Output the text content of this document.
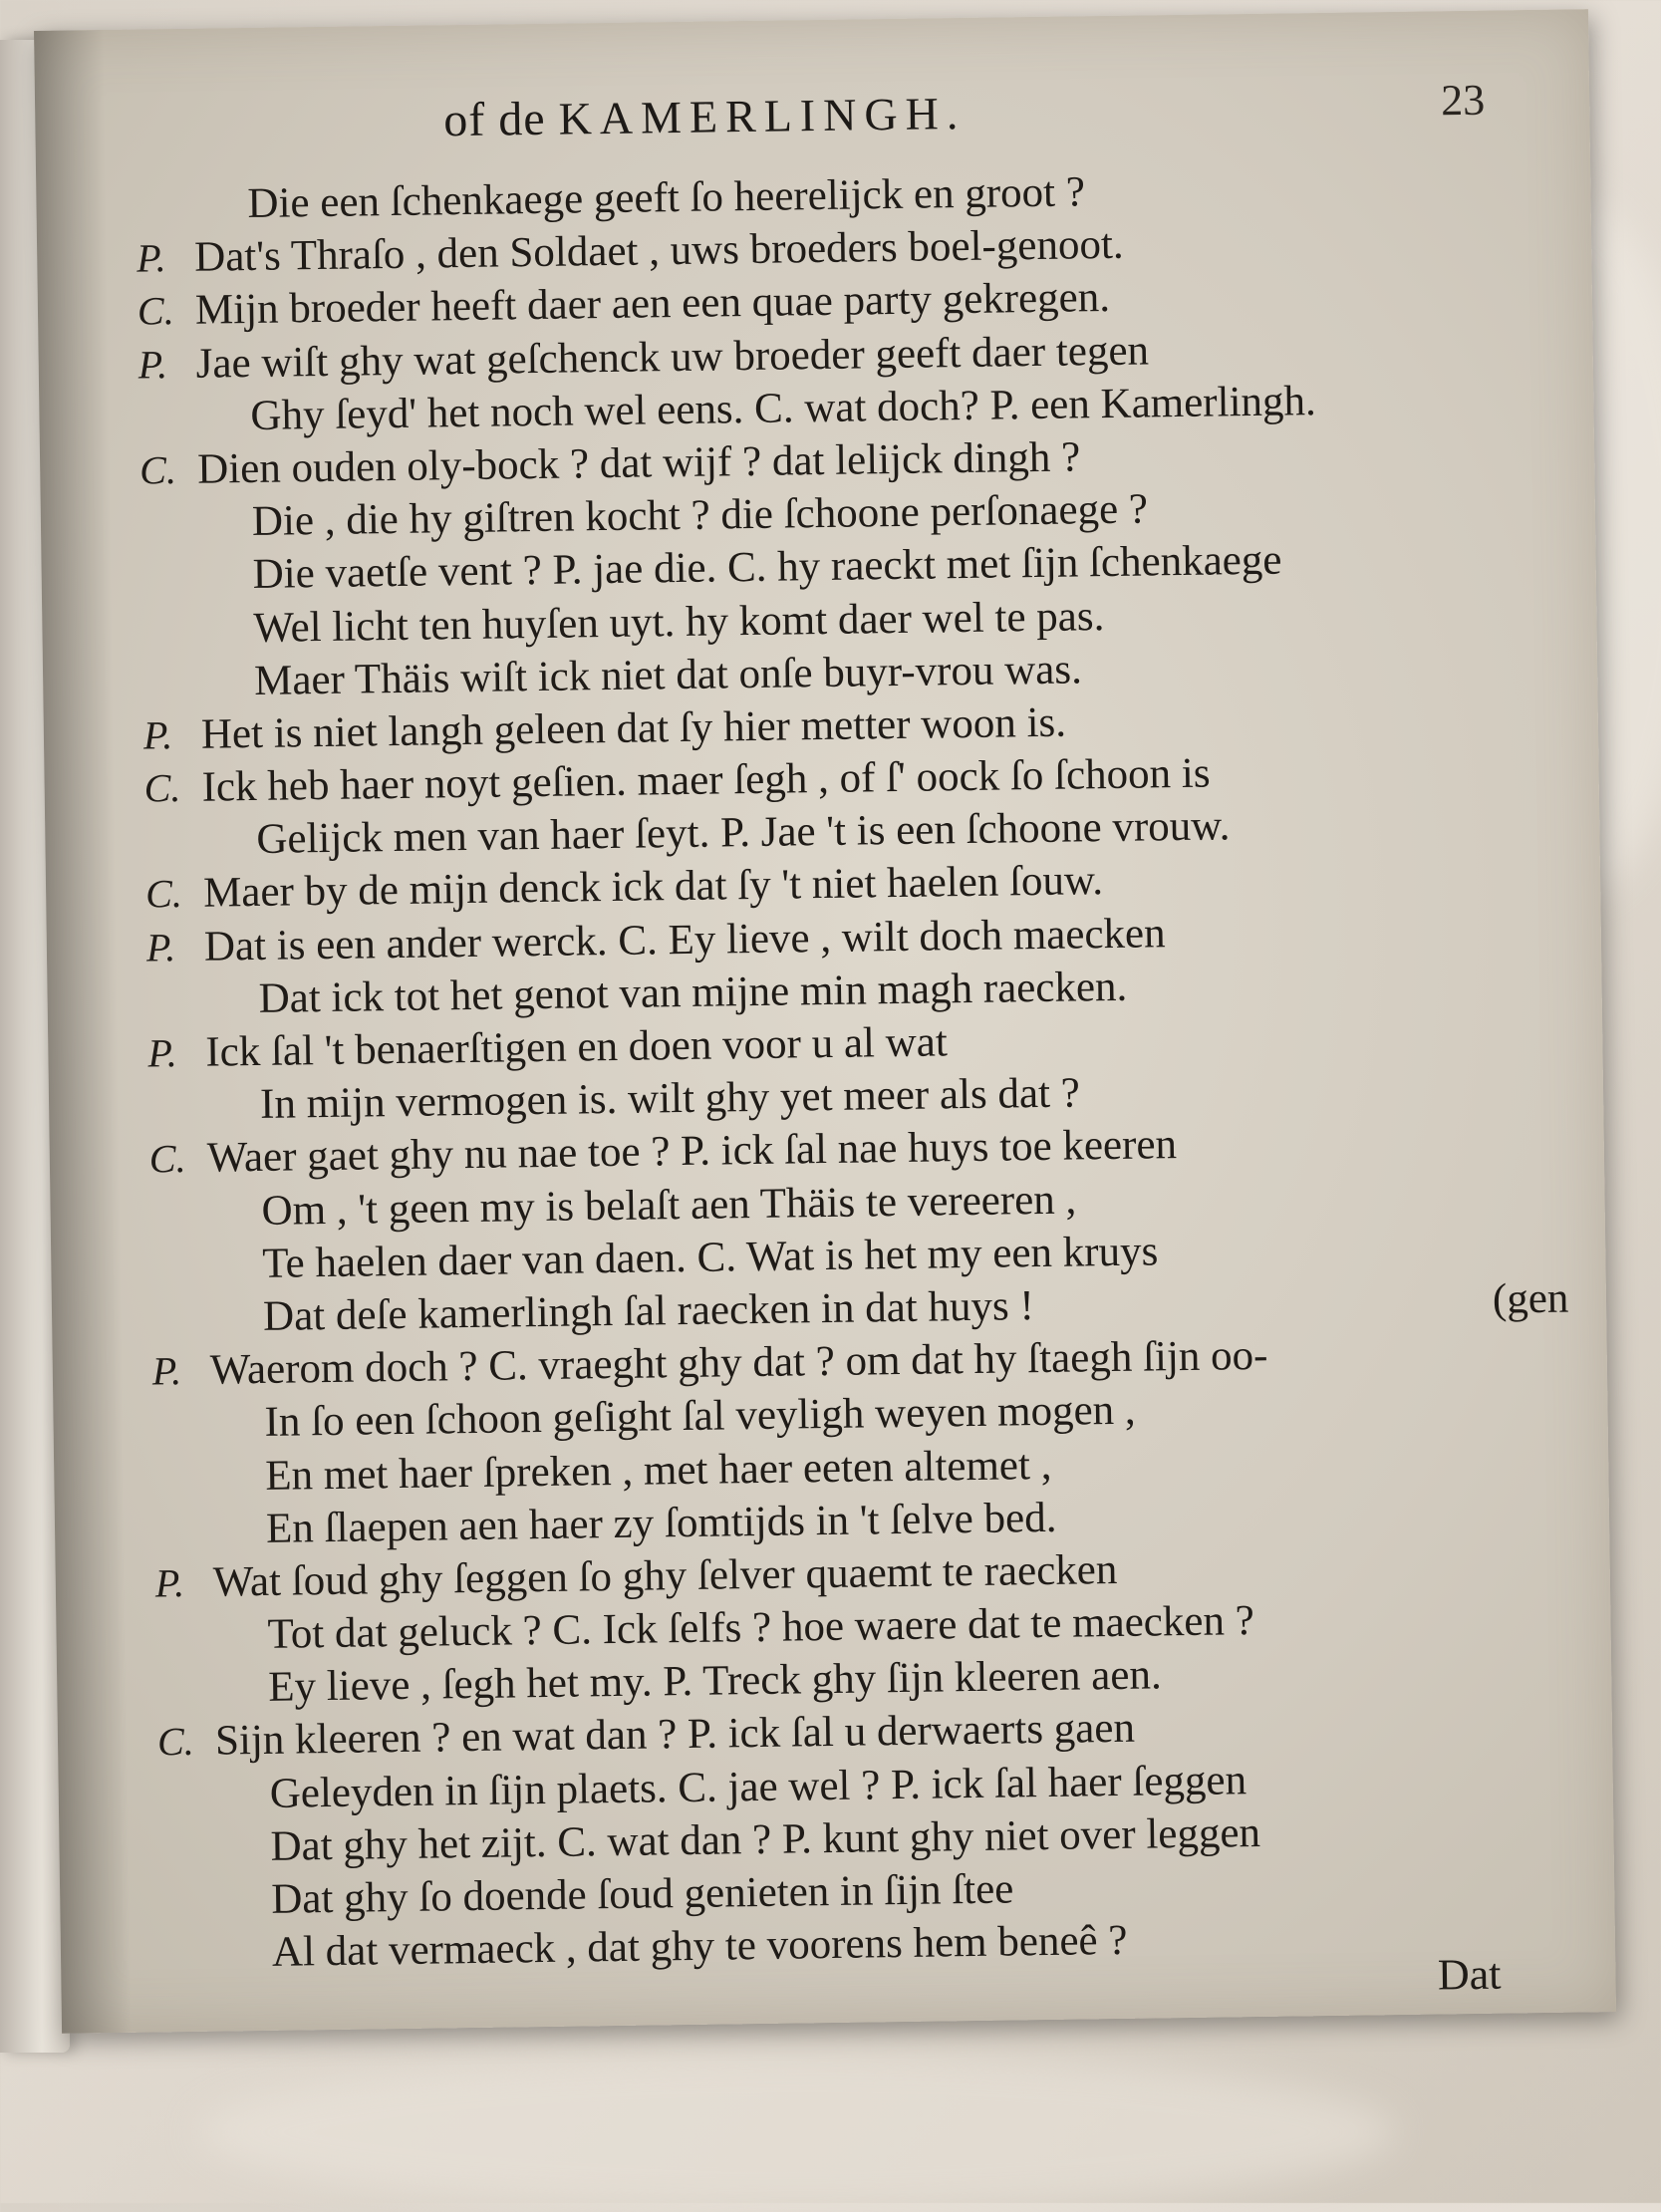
of de KAMERLINGH.	23
Die een ſchenkaege geeft ſo heerelijck en groot ?
P. Dat's Thraſo , den Soldaet , uws broeders boel-genoot.
C. Mijn broeder heeft daer aen een quae party gekregen.
P. Jae wiſt ghy wat geſchenck uw broeder geeft daer tegen
Ghy ſeyd' het noch wel eens. C. wat doch? P. een Kamerlingh.
C. Dien ouden oly-bock ? dat wijf ? dat lelijck dingh ?
Die , die hy giſtren kocht ? die ſchoone perſonaege ?
Die vaetſe vent ? P. jae die. C. hy raeckt met ſijn ſchenkaege
Wel licht ten huyſen uyt. hy komt daer wel te pas.
Maer Thäis wiſt ick niet dat onſe buyr-vrou was.
P. Het is niet langh geleen dat ſy hier metter woon is.
C. Ick heb haer noyt geſien. maer ſegh , of ſ' oock ſo ſchoon is
Gelijck men van haer ſeyt. P. Jae 't is een ſchoone vrouw.
C. Maer by de mijn denck ick dat ſy 't niet haelen ſouw.
P. Dat is een ander werck. C. Ey lieve , wilt doch maecken
Dat ick tot het genot van mijne min magh raecken.
P. Ick ſal 't benaerſtigen en doen voor u al wat
In mijn vermogen is. wilt ghy yet meer als dat ?
C. Waer gaet ghy nu nae toe ? P. ick ſal nae huys toe keeren
Om , 't geen my is belaſt aen Thäis te vereeren ,
Te haelen daer van daen. C. Wat is het my een kruys
Dat deſe kamerlingh ſal raecken in dat huys !	(gen
P. Waerom doch ? C. vraeght ghy dat ? om dat hy ſtaegh ſijn oo-
In ſo een ſchoon geſight ſal veyligh weyen mogen ,
En met haer ſpreken , met haer eeten altemet ,
En ſlaepen aen haer zy ſomtijds in 't ſelve bed.
P. Wat ſoud ghy ſeggen ſo ghy ſelver quaemt te raecken
Tot dat geluck ? C. Ick ſelfs ? hoe waere dat te maecken ?
Ey lieve , ſegh het my. P. Treck ghy ſijn kleeren aen.
C. Sijn kleeren ? en wat dan ? P. ick ſal u derwaerts gaen
Geleyden in ſijn plaets. C. jae wel ? P. ick ſal haer ſeggen
Dat ghy het zijt. C. wat dan ? P. kunt ghy niet over leggen
Dat ghy ſo doende ſoud genieten in ſijn ſtee
Al dat vermaeck , dat ghy te voorens hem beneê ?	Dat
